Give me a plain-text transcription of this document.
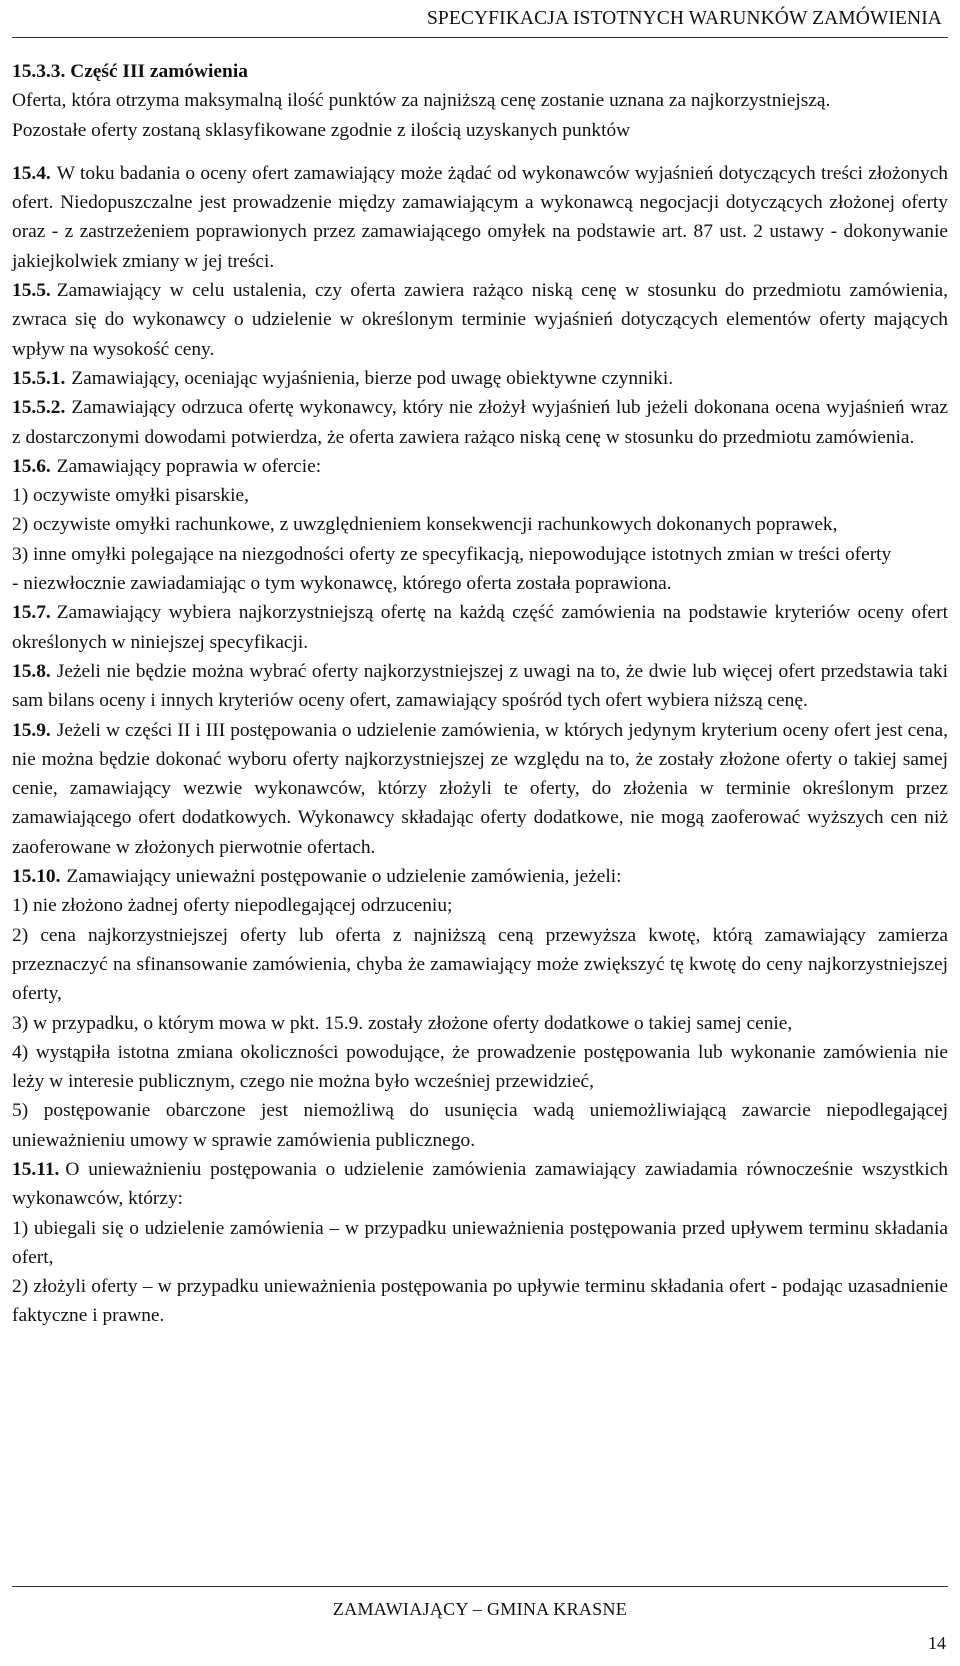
SPECYFIKACJA ISTOTNYCH WARUNKÓW ZAMÓWIENIA

15.3.3. Część III zamówienia

Oferta, która otrzyma maksymalną ilość punktów za najniższą cenę zostanie uznana za najkorzystniejszą.

Pozostałe oferty zostaną sklasyfikowane zgodnie z ilością uzyskanych punktów

15.4. W toku badania o oceny ofert zamawiający może żądać od wykonawców wyjaśnień dotyczących treści złożonych ofert. Niedopuszczalne jest prowadzenie między zamawiającym a wykonawcą negocjacji dotyczących złożonej oferty oraz - z zastrzeżeniem poprawionych przez zamawiającego omyłek na podstawie art. 87 ust. 2 ustawy - dokonywanie jakiejkolwiek zmiany w jej treści.

15.5. Zamawiający w celu ustalenia, czy oferta zawiera rażąco niską cenę w stosunku do przedmiotu zamówienia, zwraca się do wykonawcy o udzielenie w określonym terminie wyjaśnień dotyczących elementów oferty mających wpływ na wysokość ceny.

15.5.1. Zamawiający, oceniając wyjaśnienia, bierze pod uwagę obiektywne czynniki.

15.5.2. Zamawiający odrzuca ofertę wykonawcy, który nie złożył wyjaśnień lub jeżeli dokonana ocena wyjaśnień wraz z dostarczonymi dowodami potwierdza, że oferta zawiera rażąco niską cenę w stosunku do przedmiotu zamówienia.

15.6. Zamawiający poprawia w ofercie:

1) oczywiste omyłki pisarskie,

2) oczywiste omyłki rachunkowe, z uwzględnieniem konsekwencji rachunkowych dokonanych poprawek,

3) inne omyłki polegające na niezgodności oferty ze specyfikacją, niepowodujące istotnych zmian w treści oferty

- niezwłocznie zawiadamiając o tym wykonawcę, którego oferta została poprawiona.

15.7. Zamawiający wybiera najkorzystniejszą ofertę na każdą część zamówienia na podstawie kryteriów oceny ofert określonych w niniejszej specyfikacji.

15.8. Jeżeli nie będzie można wybrać oferty najkorzystniejszej z uwagi na to, że dwie lub więcej ofert przedstawia taki sam bilans oceny i innych kryteriów oceny ofert, zamawiający spośród tych ofert wybiera niższą cenę.

15.9. Jeżeli w części II i III postępowania o udzielenie zamówienia, w których jedynym kryterium oceny ofert jest cena, nie można będzie dokonać wyboru oferty najkorzystniejszej ze względu na to, że zostały złożone oferty o takiej samej cenie, zamawiający wezwie wykonawców, którzy złożyli te oferty, do złożenia w terminie określonym przez zamawiającego ofert dodatkowych. Wykonawcy składając oferty dodatkowe, nie mogą zaoferować wyższych cen niż zaoferowane w złożonych pierwotnie ofertach.

15.10. Zamawiający unieważni postępowanie o udzielenie zamówienia, jeżeli:

1) nie złożono żadnej oferty niepodlegającej odrzuceniu;

2) cena najkorzystniejszej oferty lub oferta z najniższą ceną przewyższa kwotę, którą zamawiający zamierza przeznaczyć na sfinansowanie zamówienia, chyba że zamawiający może zwiększyć tę kwotę do ceny najkorzystniejszej oferty,

3) w przypadku, o którym mowa w pkt. 15.9. zostały złożone oferty dodatkowe o takiej samej cenie,

4) wystąpiła istotna zmiana okoliczności powodujące, że prowadzenie postępowania lub wykonanie zamówienia nie leży w interesie publicznym, czego nie można było wcześniej przewidzieć,

5) postępowanie obarczone jest niemożliwą do usunięcia wadą uniemożliwiającą zawarcie niepodlegającej unieważnieniu umowy w sprawie zamówienia publicznego.

15.11. O unieważnieniu postępowania o udzielenie zamówienia zamawiający zawiadamia równocześnie wszystkich wykonawców, którzy:

1) ubiegali się o udzielenie zamówienia – w przypadku unieważnienia postępowania przed upływem terminu składania ofert,

2) złożyli oferty – w przypadku unieważnienia postępowania po upływie terminu składania ofert - podając uzasadnienie faktyczne i prawne.

ZAMAWIAJĄCY – GMINA KRASNE
14
